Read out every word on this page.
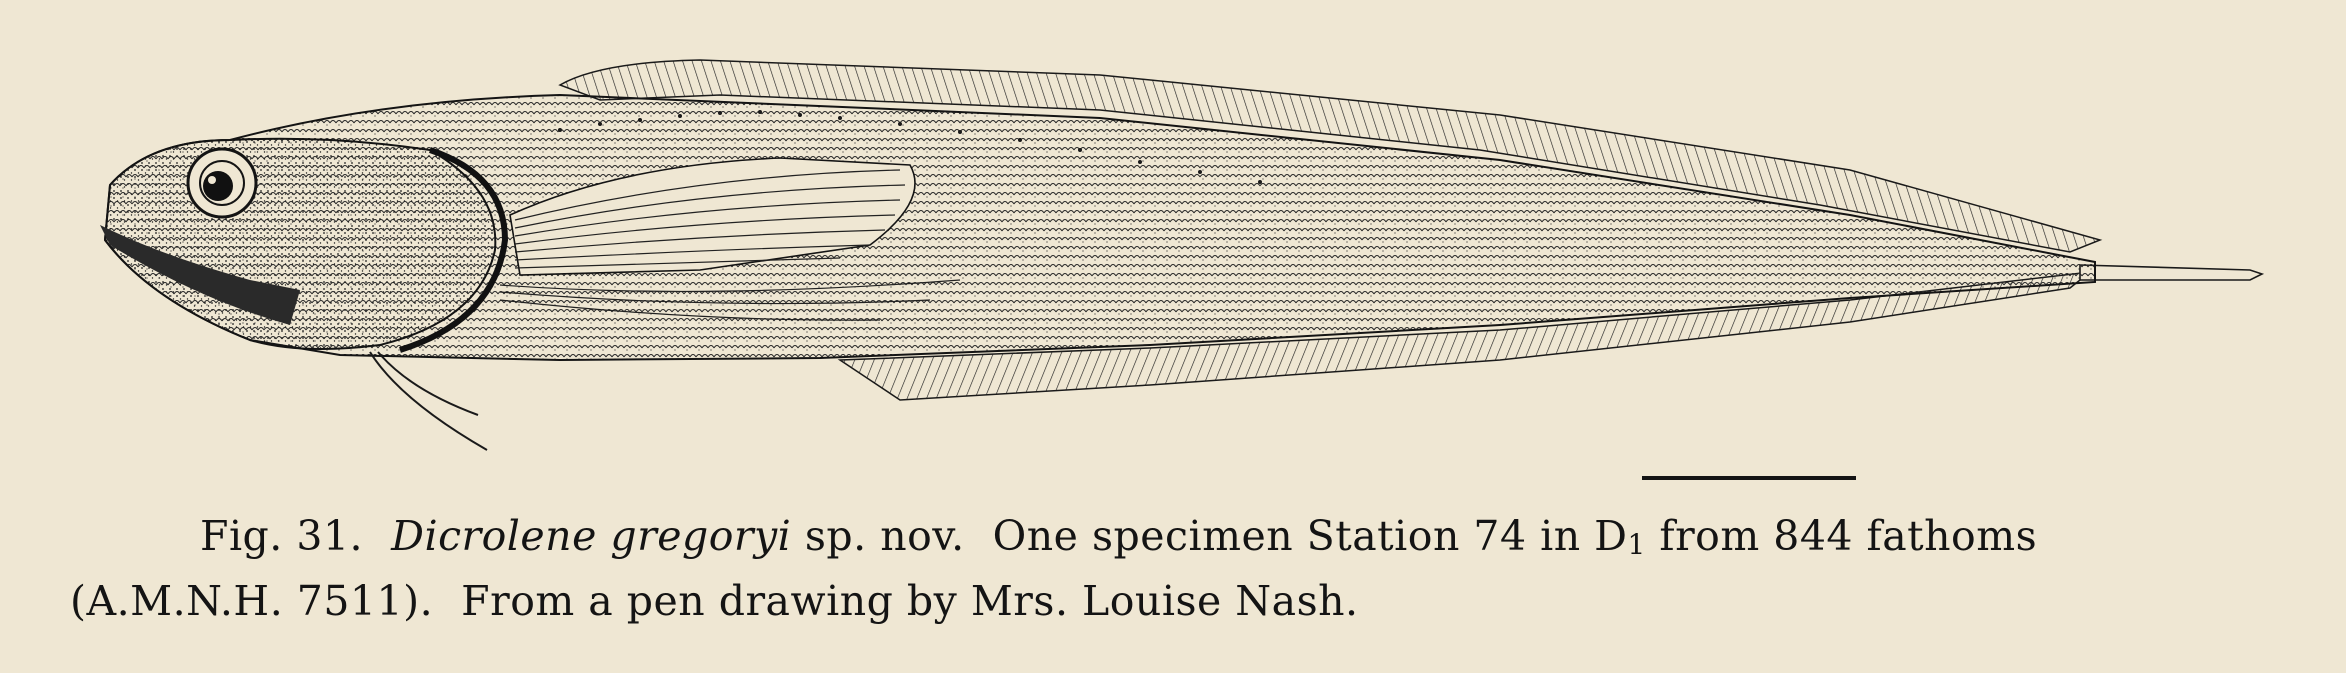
Fig. 31. Dicrolene gregoryi sp. nov. One specimen Station 74 in $D_1$ from 844 fathoms
(A.M.N.H. 7511). From a pen drawing by Mrs. Louise Nash.
